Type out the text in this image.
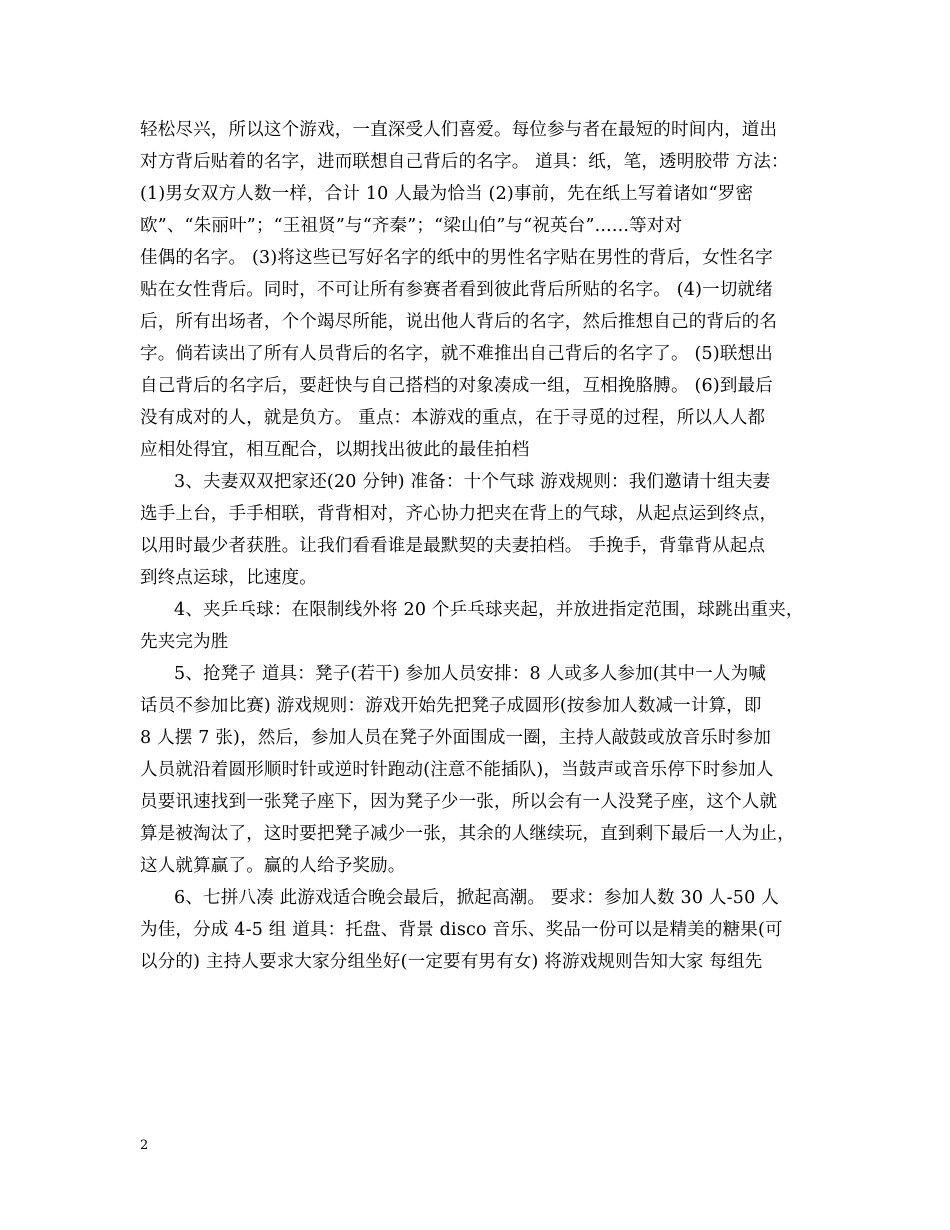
轻松尽兴，所以这个游戏，一直深受人们喜爱。每位参与者在最短的时间内，道出
对方背后贴着的名字，进而联想自己背后的名字。 道具：纸，笔，透明胶带 方法：
(1)男女双方人数一样，合计 10 人最为恰当 (2)事前，先在纸上写着诸如“罗密
欧”、“朱丽叶”；“王祖贤”与“齐秦”；“梁山伯”与“祝英台”......等对对
佳偶的名字。 (3)将这些已写好名字的纸中的男性名字贴在男性的背后，女性名字
贴在女性背后。同时，不可让所有参赛者看到彼此背后所贴的名字。 (4)一切就绪
后，所有出场者，个个竭尽所能，说出他人背后的名字，然后推想自己的背后的名
字。倘若读出了所有人员背后的名字，就不难推出自己背后的名字了。 (5)联想出
自己背后的名字后，要赶快与自己搭档的对象凑成一组，互相挽胳膊。 (6)到最后
没有成对的人，就是负方。 重点：本游戏的重点，在于寻觅的过程，所以人人都
应相处得宜，相互配合，以期找出彼此的最佳拍档
3、夫妻双双把家还(20 分钟) 准备：十个气球 游戏规则：我们邀请十组夫妻
选手上台，手手相联，背背相对，齐心协力把夹在背上的气球，从起点运到终点，
以用时最少者获胜。让我们看看谁是最默契的夫妻拍档。 手挽手，背靠背从起点
到终点运球，比速度。
4、夹乒乓球：在限制线外将 20 个乒乓球夹起，并放进指定范围，球跳出重夹，
先夹完为胜
5、抢凳子 道具：凳子(若干) 参加人员安排：8 人或多人参加(其中一人为喊
话员不参加比赛) 游戏规则：游戏开始先把凳子成圆形(按参加人数减一计算，即
8 人摆 7 张)，然后，参加人员在凳子外面围成一圈，主持人敲鼓或放音乐时参加
人员就沿着圆形顺时针或逆时针跑动(注意不能插队)，当鼓声或音乐停下时参加人
员要讯速找到一张凳子座下，因为凳子少一张，所以会有一人没凳子座，这个人就
算是被淘汰了，这时要把凳子减少一张，其余的人继续玩，直到剩下最后一人为止，
这人就算赢了。赢的人给予奖励。
6、七拼八凑 此游戏适合晚会最后，掀起高潮。 要求：参加人数 30 人-50 人
为佳，分成 4-5 组 道具：托盘、背景 disco 音乐、奖品一份可以是精美的糖果(可
以分的) 主持人要求大家分组坐好(一定要有男有女) 将游戏规则告知大家 每组先
2
